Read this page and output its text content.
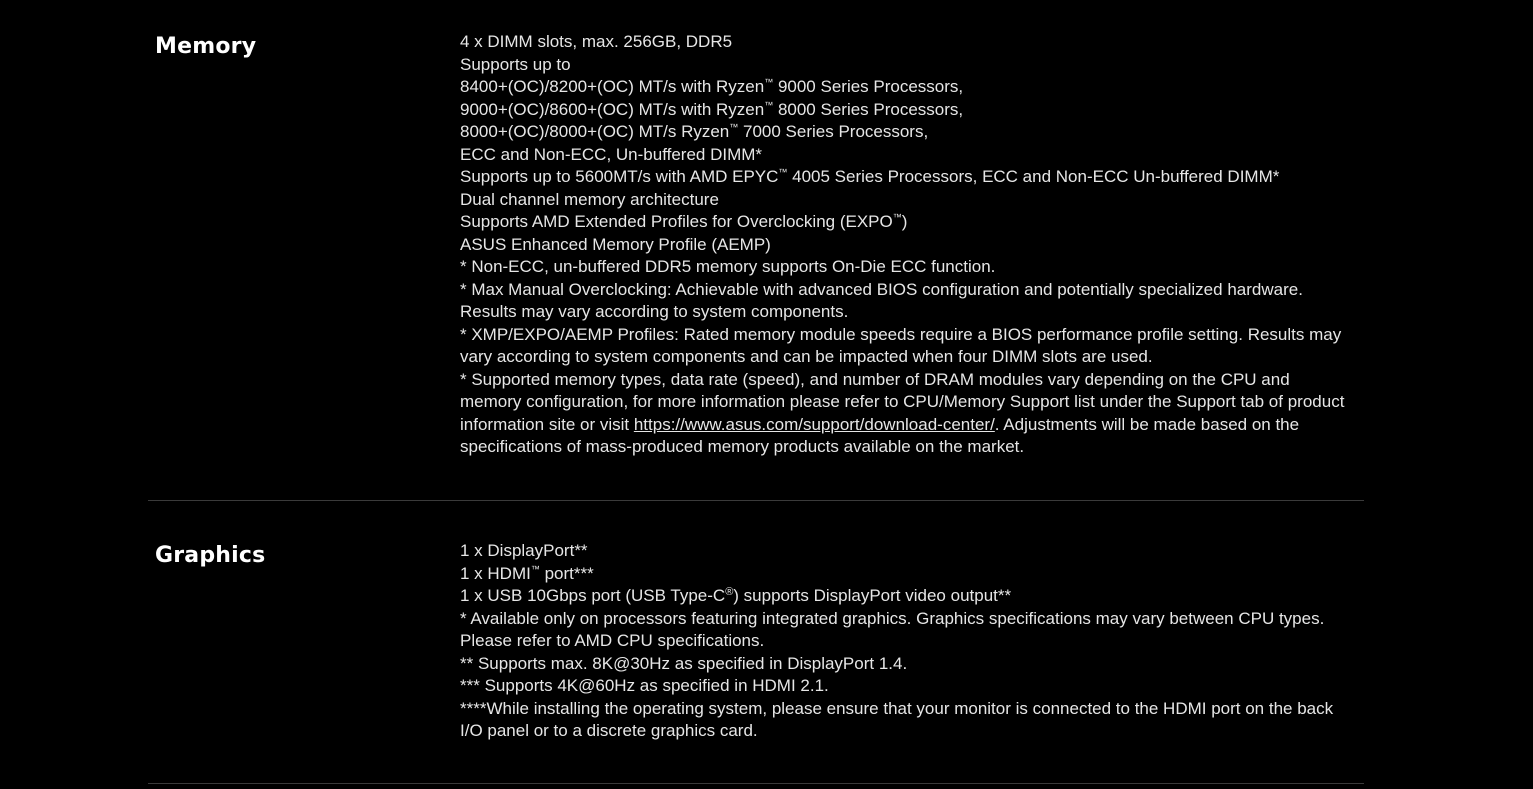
Memory	4 x DIMM slots, max. 256GB, DDR5
Supports up to
8400+(OC)/8200+(OC) MT/s with Ryzen™ 9000 Series Processors,
9000+(OC)/8600+(OC) MT/s with Ryzen™ 8000 Series Processors,
8000+(OC)/8000+(OC) MT/s Ryzen™ 7000 Series Processors,
ECC and Non-ECC, Un-buffered DIMM*
Supports up to 5600MT/s with AMD EPYC™ 4005 Series Processors, ECC and Non-ECC Un-buffered DIMM*
Dual channel memory architecture
Supports AMD Extended Profiles for Overclocking (EXPO™)
ASUS Enhanced Memory Profile (AEMP)
* Non-ECC, un-buffered DDR5 memory supports On-Die ECC function.
* Max Manual Overclocking: Achievable with advanced BIOS configuration and potentially specialized hardware. Results may vary according to system components.
* XMP/EXPO/AEMP Profiles: Rated memory module speeds require a BIOS performance profile setting. Results may vary according to system components and can be impacted when four DIMM slots are used.
* Supported memory types, data rate (speed), and number of DRAM modules vary depending on the CPU and memory configuration, for more information please refer to CPU/Memory Support list under the Support tab of product information site or visit https://www.asus.com/support/download-center/. Adjustments will be made based on the specifications of mass-produced memory products available on the market.
Graphics	1 x DisplayPort**
1 x HDMI™ port***
1 x USB 10Gbps port (USB Type-C®) supports DisplayPort video output**
* Available only on processors featuring integrated graphics. Graphics specifications may vary between CPU types. Please refer to AMD CPU specifications.
** Supports max. 8K@30Hz as specified in DisplayPort 1.4.
*** Supports 4K@60Hz as specified in HDMI 2.1.
****While installing the operating system, please ensure that your monitor is connected to the HDMI port on the back I/O panel or to a discrete graphics card.
